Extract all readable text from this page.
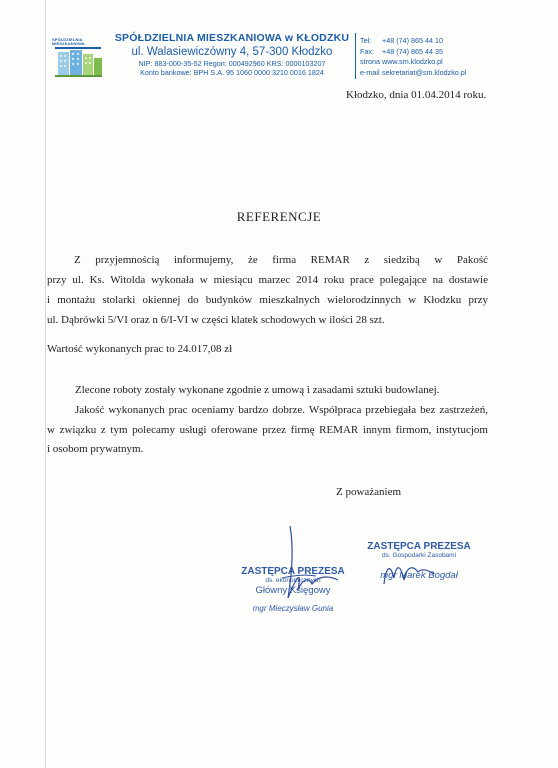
SPÓŁDZIELNIA MIESZKANIOWA	SPÓŁDZIELNIA MIESZKANIOWA w KŁODZKU
ul. Walasiewiczówny 4, 57-300 Kłodzko
NIP: 883-000-35-52 Regon: 000492960 KRS: 0000103207
Konto bankowe: BPH S.A. 95 1060 0000 3210 0016 1824
Tel: +48 (74) 865 44 10
Fax: +48 (74) 865 44 35
strona www.sm.klodzko.pl
e-mail sekretariat@sm.klodzko.pl
Kłodzko, dnia 01.04.2014 roku.
REFERENCJE
Z przyjemnością informujemy, że firma REMAR z siedzibą w Pakość
przy ul. Ks. Witolda wykonała w miesiącu marzec 2014 roku prace polegające na dostawie
i montażu stolarki okiennej do budynków mieszkalnych wielorodzinnych w Kłodzku przy
ul. Dąbrówki 5/VI oraz n 6/I-VI w części klatek schodowych w ilości 28 szt.
Wartość wykonanych prac to 24.017,08 zł
Zlecone roboty zostały wykonane zgodnie z umową i zasadami sztuki budowlanej.
Jakość wykonanych prac oceniamy bardzo dobrze. Współpraca przebiegała bez zastrzeżeń,
w związku z tym polecamy usługi oferowane przez firmę REMAR innym firmom, instytucjom
i osobom prywatnym.
Z poważaniem
ZASTĘPCA PREZESA
ds. ekonomicznych
Główny Księgowy
mgr Mieczysław Gunia
ZASTĘPCA PREZESA
ds. Gospodarki Zasobami
mgr Marek Bogdał
